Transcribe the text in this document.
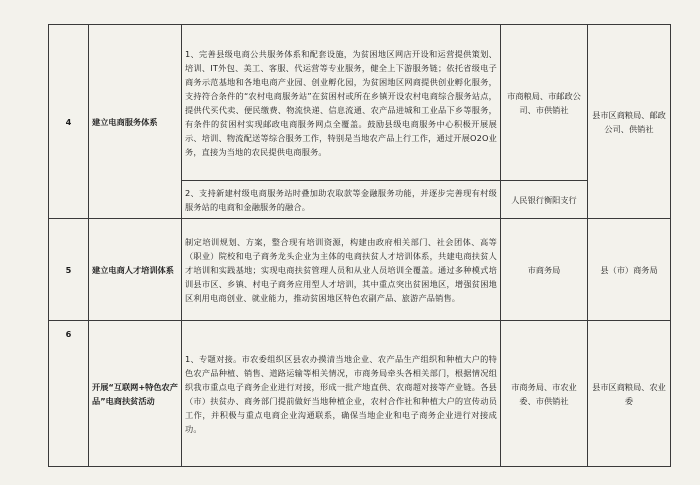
4	建立电商服务体系	1、完善县级电商公共服务体系和配套设施，为贫困地区网店开设和运营提供策划、培训、IT外包、美工、客服、代运营等专业服务，健全上下游服务链；依托省级电子商务示范基地和各地电商产业园、创业孵化园，为贫困地区网商提供创业孵化服务，支持符合条件的“农村电商服务站”在贫困村或所在乡镇开设农村电商综合服务站点，提供代买代卖、便民缴费、物流快递、信息流通、农产品进城和工业品下乡等服务，有条件的贫困村实现邮政电商服务网点全覆盖。鼓励县级电商服务中心积极开展展示、培训、物流配送等综合服务工作，特别是当地农产品上行工作，通过开展O2O业务，直接为当地的农民提供电商服务。	市商粮局、市邮政公司、市供销社	县市区商粮局、邮政公司、供销社
		2、支持新建村级电商服务站时叠加助农取款等金融服务功能，并逐步完善现有村级服务站的电商和金融服务的融合。	人民银行衡阳支行	
5	建立电商人才培训体系	制定培训规划、方案，整合现有培训资源，构建由政府相关部门、社会团体、高等（职业）院校和电子商务龙头企业为主体的电商扶贫人才培训体系，共建电商扶贫人才培训和实践基地；实现电商扶贫管理人员和从业人员培训全覆盖。通过多种模式培训县市区、乡镇、村电子商务应用型人才培训，其中重点突出贫困地区，增强贫困地区利用电商创业、就业能力，推动贫困地区特色农副产品、旅游产品销售。	市商务局	县（市）商务局
6	开展“互联网+特色农产品”电商扶贫活动	1、专题对接。市农委组织区县农办摸清当地企业、农产品生产组织和种植大户的特色农产品种植、销售、道路运输等相关情况，市商务局牵头各相关部门，根据情况组织我市重点电子商务企业进行对接，形成一批产地直供、农商超对接等产业链。各县（市）扶贫办、商务部门提前做好当地种植企业，农村合作社和种植大户的宣传动员工作，并积极与重点电商企业沟通联系，确保当地企业和电子商务企业进行对接成功。	市商务局、市农业委、市供销社	县市区商粮局、农业委
